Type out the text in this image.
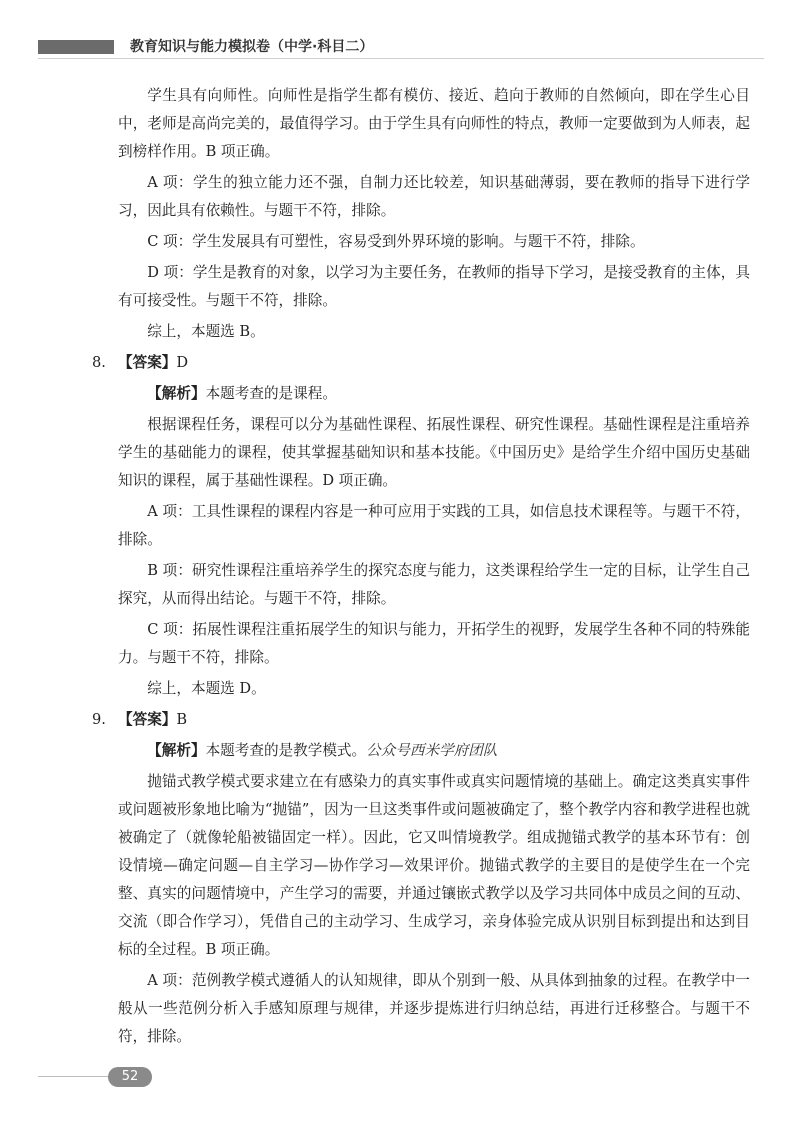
教育知识与能力模拟卷（中学·科目二）

学生具有向师性。向师性是指学生都有模仿、接近、趋向于教师的自然倾向，即在学生心目中，老师是高尚完美的，最值得学习。由于学生具有向师性的特点，教师一定要做到为人师表，起到榜样作用。B 项正确。

A 项：学生的独立能力还不强，自制力还比较差，知识基础薄弱，要在教师的指导下进行学习，因此具有依赖性。与题干不符，排除。

C 项：学生发展具有可塑性，容易受到外界环境的影响。与题干不符，排除。

D 项：学生是教育的对象，以学习为主要任务，在教师的指导下学习，是接受教育的主体，具有可接受性。与题干不符，排除。

综上，本题选 B。

8. 【答案】D

【解析】本题考查的是课程。

根据课程任务，课程可以分为基础性课程、拓展性课程、研究性课程。基础性课程是注重培养学生的基础能力的课程，使其掌握基础知识和基本技能。《中国历史》是给学生介绍中国历史基础知识的课程，属于基础性课程。D 项正确。

A 项：工具性课程的课程内容是一种可应用于实践的工具，如信息技术课程等。与题干不符，排除。

B 项：研究性课程注重培养学生的探究态度与能力，这类课程给学生一定的目标，让学生自己探究，从而得出结论。与题干不符，排除。

C 项：拓展性课程注重拓展学生的知识与能力，开拓学生的视野，发展学生各种不同的特殊能力。与题干不符，排除。

综上，本题选 D。

9. 【答案】B

【解析】本题考查的是教学模式。公众号西米学府团队

抛锚式教学模式要求建立在有感染力的真实事件或真实问题情境的基础上。确定这类真实事件或问题被形象地比喻为“抛锚”，因为一旦这类事件或问题被确定了，整个教学内容和教学进程也就被确定了（就像轮船被锚固定一样）。因此，它又叫情境教学。组成抛锚式教学的基本环节有：创设情境—确定问题—自主学习—协作学习—效果评价。抛锚式教学的主要目的是使学生在一个完整、真实的问题情境中，产生学习的需要，并通过镶嵌式教学以及学习共同体中成员之间的互动、交流（即合作学习），凭借自己的主动学习、生成学习，亲身体验完成从识别目标到提出和达到目标的全过程。B 项正确。

A 项：范例教学模式遵循人的认知规律，即从个别到一般、从具体到抽象的过程。在教学中一般从一些范例分析入手感知原理与规律，并逐步提炼进行归纳总结，再进行迁移整合。与题干不符，排除。

52
